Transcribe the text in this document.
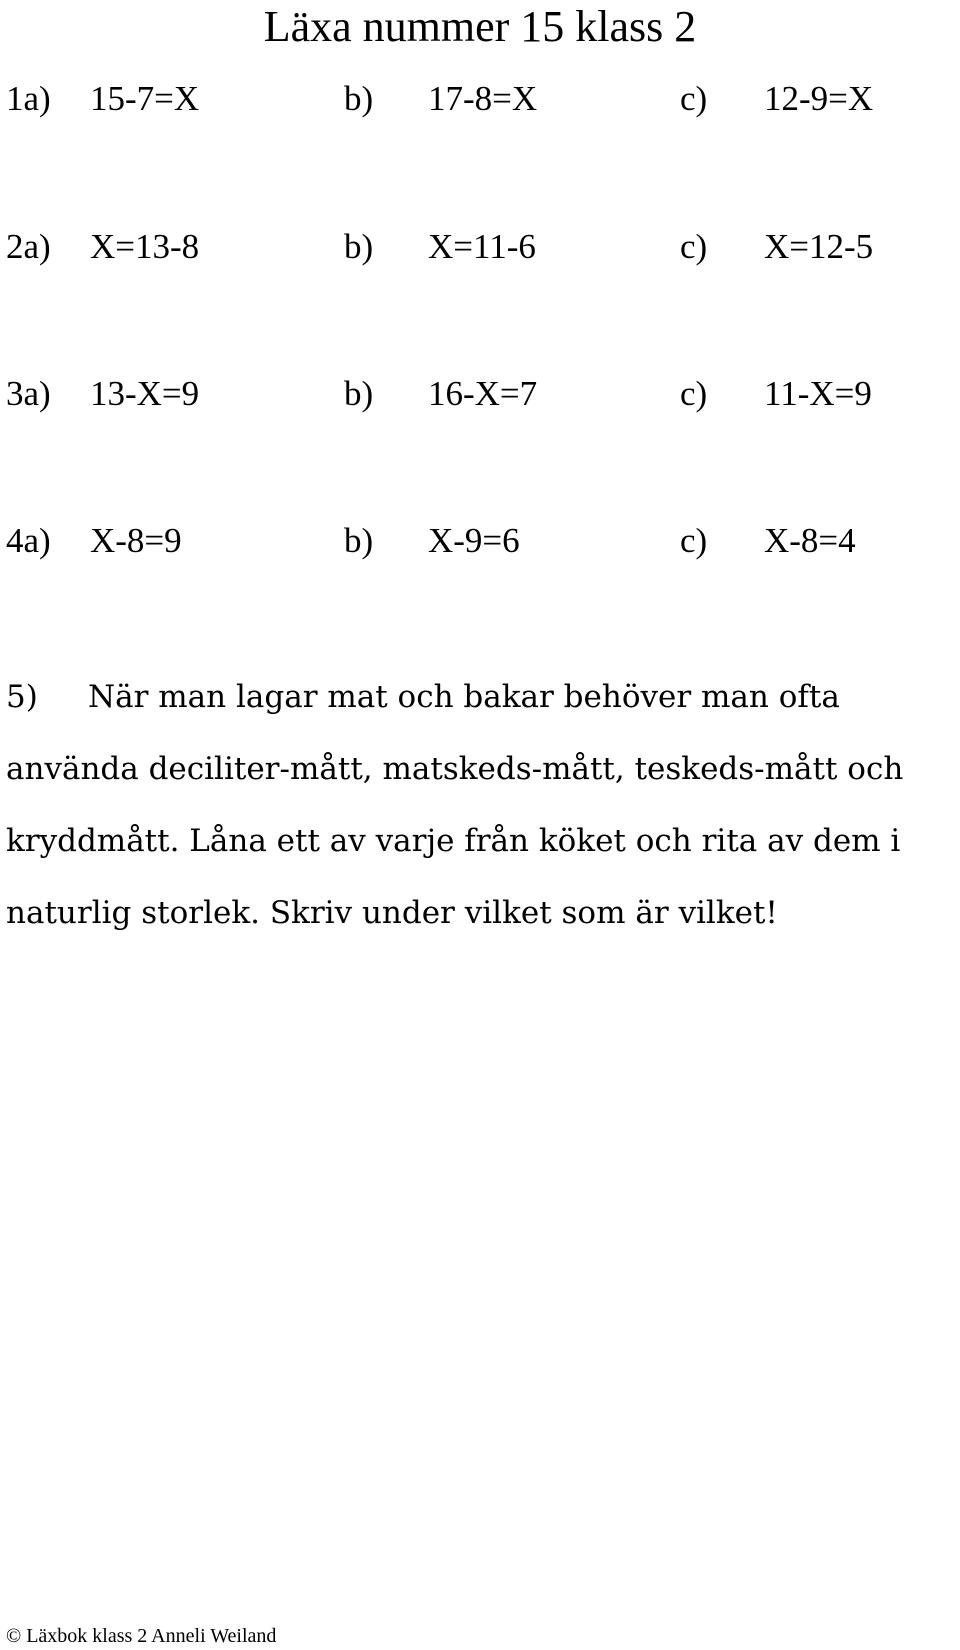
Läxa nummer 15 klass 2
1a) 15-7=X	b) 17-8=X	c) 12-9=X
2a) X=13-8	b) X=11-6	c) X=12-5
3a) 13-X=9	b) 16-X=7	c) 11-X=9
4a) X-8=9	b) X-9=6	c) X-8=4
5) När man lagar mat och bakar behöver man ofta
använda deciliter-mått, matskeds-mått, teskeds-mått och
kryddmått. Låna ett av varje från köket och rita av dem i
naturlig storlek. Skriv under vilket som är vilket!
© Läxbok klass 2 Anneli Weiland
